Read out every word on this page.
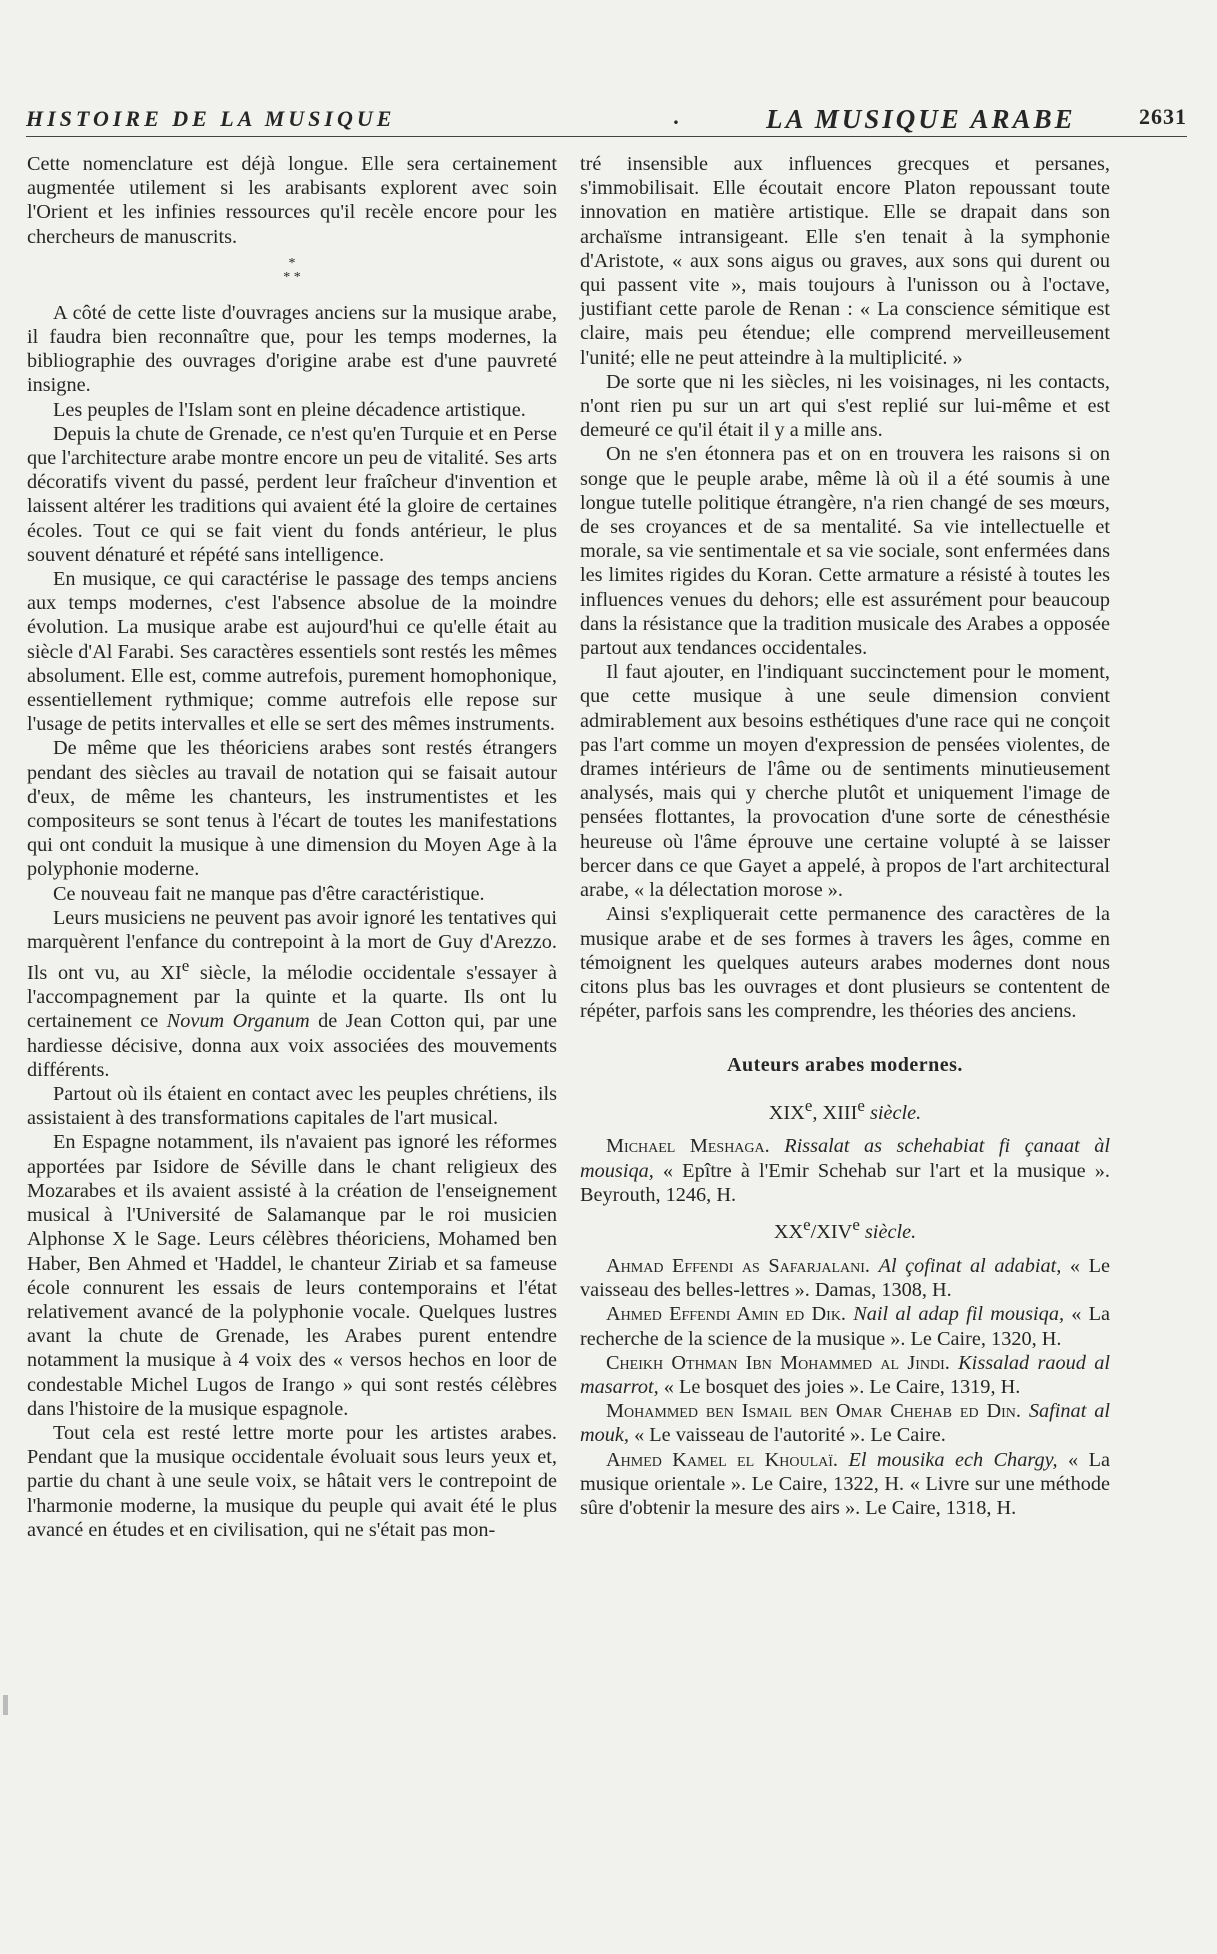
HISTOIRE DE LA MUSIQUE	.	LA MUSIQUE ARABE	2631

Cette nomenclature est déjà longue. Elle sera certainement augmentée utilement si les arabisants explorent avec soin l'Orient et les infinies ressources qu'il recèle encore pour les chercheurs de manuscrits.

*
* *

A côté de cette liste d'ouvrages anciens sur la musique arabe, il faudra bien reconnaître que, pour les temps modernes, la bibliographie des ouvrages d'origine arabe est d'une pauvreté insigne.

Les peuples de l'Islam sont en pleine décadence artistique.

Depuis la chute de Grenade, ce n'est qu'en Turquie et en Perse que l'architecture arabe montre encore un peu de vitalité. Ses arts décoratifs vivent du passé, perdent leur fraîcheur d'invention et laissent altérer les traditions qui avaient été la gloire de certaines écoles. Tout ce qui se fait vient du fonds antérieur, le plus souvent dénaturé et répété sans intelligence.

En musique, ce qui caractérise le passage des temps anciens aux temps modernes, c'est l'absence absolue de la moindre évolution. La musique arabe est aujourd'hui ce qu'elle était au siècle d'Al Farabi. Ses caractères essentiels sont restés les mêmes absolument. Elle est, comme autrefois, purement homophonique, essentiellement rythmique; comme autrefois elle repose sur l'usage de petits intervalles et elle se sert des mêmes instruments.

De même que les théoriciens arabes sont restés étrangers pendant des siècles au travail de notation qui se faisait autour d'eux, de même les chanteurs, les instrumentistes et les compositeurs se sont tenus à l'écart de toutes les manifestations qui ont conduit la musique à une dimension du Moyen Age à la polyphonie moderne.

Ce nouveau fait ne manque pas d'être caractéristique.

Leurs musiciens ne peuvent pas avoir ignoré les tentatives qui marquèrent l'enfance du contrepoint à la mort de Guy d'Arezzo. Ils ont vu, au XIe siècle, la mélodie occidentale s'essayer à l'accompagnement par la quinte et la quarte. Ils ont lu certainement ce Novum Organum de Jean Cotton qui, par une hardiesse décisive, donna aux voix associées des mouvements différents.

Partout où ils étaient en contact avec les peuples chrétiens, ils assistaient à des transformations capitales de l'art musical.

En Espagne notamment, ils n'avaient pas ignoré les réformes apportées par Isidore de Séville dans le chant religieux des Mozarabes et ils avaient assisté à la création de l'enseignement musical à l'Université de Salamanque par le roi musicien Alphonse X le Sage. Leurs célèbres théoriciens, Mohamed ben Haber, Ben Ahmed et 'Haddel, le chanteur Ziriab et sa fameuse école connurent les essais de leurs contemporains et l'état relativement avancé de la polyphonie vocale. Quelques lustres avant la chute de Grenade, les Arabes purent entendre notamment la musique à 4 voix des « versos hechos en loor de condestable Michel Lugos de Irango » qui sont restés célèbres dans l'histoire de la musique espagnole.

Tout cela est resté lettre morte pour les artistes arabes. Pendant que la musique occidentale évoluait sous leurs yeux et, partie du chant à une seule voix, se hâtait vers le contrepoint de l'harmonie moderne, la musique du peuple qui avait été le plus avancé en études et en civilisation, qui ne s'était pas mon-

tré insensible aux influences grecques et persanes, s'immobilisait. Elle écoutait encore Platon repoussant toute innovation en matière artistique. Elle se drapait dans son archaïsme intransigeant. Elle s'en tenait à la symphonie d'Aristote, « aux sons aigus ou graves, aux sons qui durent ou qui passent vite », mais toujours à l'unisson ou à l'octave, justifiant cette parole de Renan : « La conscience sémitique est claire, mais peu étendue; elle comprend merveilleusement l'unité; elle ne peut atteindre à la multiplicité. »

De sorte que ni les siècles, ni les voisinages, ni les contacts, n'ont rien pu sur un art qui s'est replié sur lui-même et est demeuré ce qu'il était il y a mille ans.

On ne s'en étonnera pas et on en trouvera les raisons si on songe que le peuple arabe, même là où il a été soumis à une longue tutelle politique étrangère, n'a rien changé de ses mœurs, de ses croyances et de sa mentalité. Sa vie intellectuelle et morale, sa vie sentimentale et sa vie sociale, sont enfermées dans les limites rigides du Koran. Cette armature a résisté à toutes les influences venues du dehors; elle est assurément pour beaucoup dans la résistance que la tradition musicale des Arabes a opposée partout aux tendances occidentales.

Il faut ajouter, en l'indiquant succinctement pour le moment, que cette musique à une seule dimension convient admirablement aux besoins esthétiques d'une race qui ne conçoit pas l'art comme un moyen d'expression de pensées violentes, de drames intérieurs de l'âme ou de sentiments minutieusement analysés, mais qui y cherche plutôt et uniquement l'image de pensées flottantes, la provocation d'une sorte de cénesthésie heureuse où l'âme éprouve une certaine volupté à se laisser bercer dans ce que Gayet a appelé, à propos de l'art architectural arabe, « la délectation morose ».

Ainsi s'expliquerait cette permanence des caractères de la musique arabe et de ses formes à travers les âges, comme en témoignent les quelques auteurs arabes modernes dont nous citons plus bas les ouvrages et dont plusieurs se contentent de répéter, parfois sans les comprendre, les théories des anciens.

Auteurs arabes modernes.
XIXe, XIIIe siècle.

Michael Meshaga. Rissalat as schehabiat fi çanaat àl mousiqa, « Epître à l'Emir Schehab sur l'art et la musique ». Beyrouth, 1246, H.

XXe/XIVe siècle.

Ahmad Effendi as Safarjalani. Al çofinat al adabiat, « Le vaisseau des belles-lettres ». Damas, 1308, H.

Ahmed Effendi Amin ed Dik. Nail al adap fil mousiqa, « La recherche de la science de la musique ». Le Caire, 1320, H.

Cheikh Othman Ibn Mohammed al Jindi. Kissalad raoud al masarrot, « Le bosquet des joies ». Le Caire, 1319, H.

Mohammed ben Ismail ben Omar Chehab ed Din. Safinat al mouk, « Le vaisseau de l'autorité ». Le Caire.

Ahmed Kamel el Khoulaï. El mousika ech Chargy, « La musique orientale ». Le Caire, 1322, H. « Livre sur une méthode sûre d'obtenir la mesure des airs ». Le Caire, 1318, H.
